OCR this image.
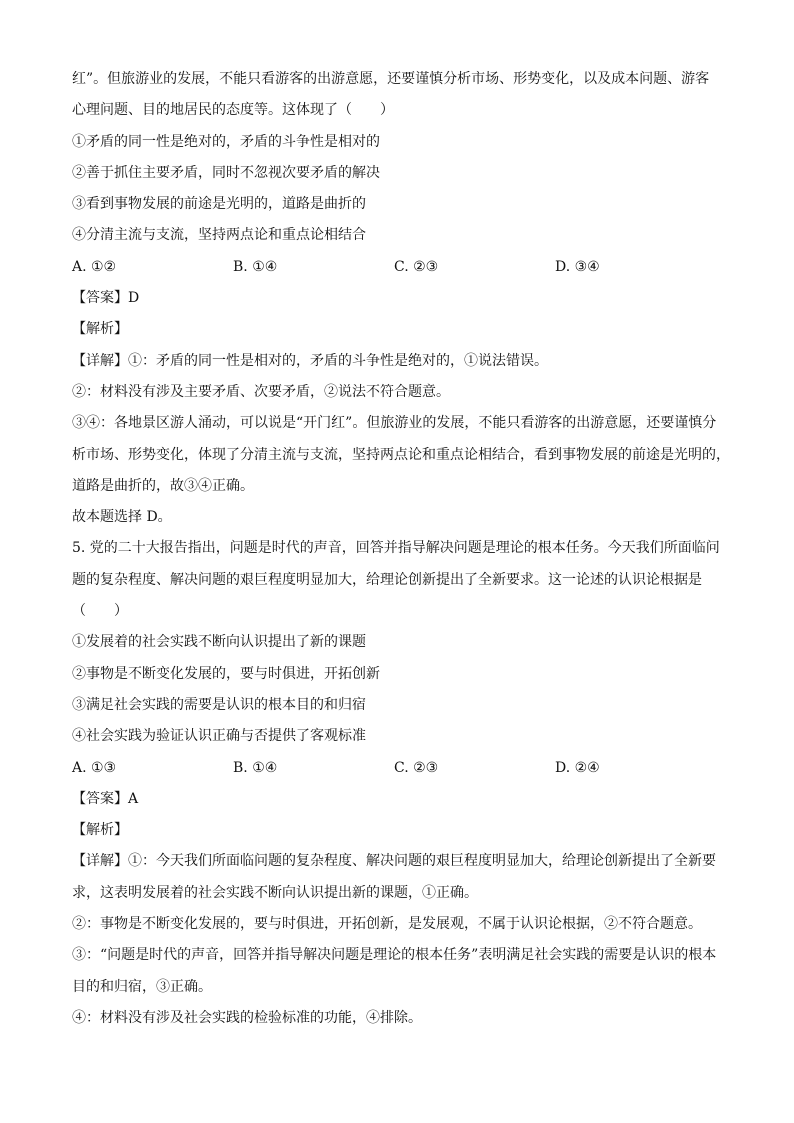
红”。但旅游业的发展，不能只看游客的出游意愿，还要谨慎分析市场、形势变化，以及成本问题、游客

心理问题、目的地居民的态度等。这体现了（　　）

①矛盾的同一性是绝对的，矛盾的斗争性是相对的

②善于抓住主要矛盾，同时不忽视次要矛盾的解决

③看到事物发展的前途是光明的，道路是曲折的

④分清主流与支流，坚持两点论和重点论相结合

A. ①②	B. ①④	C. ②③	D. ③④

【答案】D

【解析】

【详解】①：矛盾的同一性是相对的，矛盾的斗争性是绝对的，①说法错误。

②：材料没有涉及主要矛盾、次要矛盾，②说法不符合题意。

③④：各地景区游人涌动，可以说是“开门红”。但旅游业的发展，不能只看游客的出游意愿，还要谨慎分

析市场、形势变化，体现了分清主流与支流，坚持两点论和重点论相结合，看到事物发展的前途是光明的，

道路是曲折的，故③④正确。

故本题选择 D。

5. 党的二十大报告指出，问题是时代的声音，回答并指导解决问题是理论的根本任务。今天我们所面临问

题的复杂程度、解决问题的艰巨程度明显加大，给理论创新提出了全新要求。这一论述的认识论根据是

（　　）

①发展着的社会实践不断向认识提出了新的课题

②事物是不断变化发展的，要与时俱进，开拓创新

③满足社会实践的需要是认识的根本目的和归宿

④社会实践为验证认识正确与否提供了客观标准

A. ①③	B. ①④	C. ②③	D. ②④

【答案】A

【解析】

【详解】①：今天我们所面临问题的复杂程度、解决问题的艰巨程度明显加大，给理论创新提出了全新要

求，这表明发展着的社会实践不断向认识提出新的课题，①正确。

②：事物是不断变化发展的，要与时俱进，开拓创新，是发展观，不属于认识论根据，②不符合题意。

③：“问题是时代的声音，回答并指导解决问题是理论的根本任务”表明满足社会实践的需要是认识的根本

目的和归宿，③正确。

④：材料没有涉及社会实践的检验标准的功能，④排除。
